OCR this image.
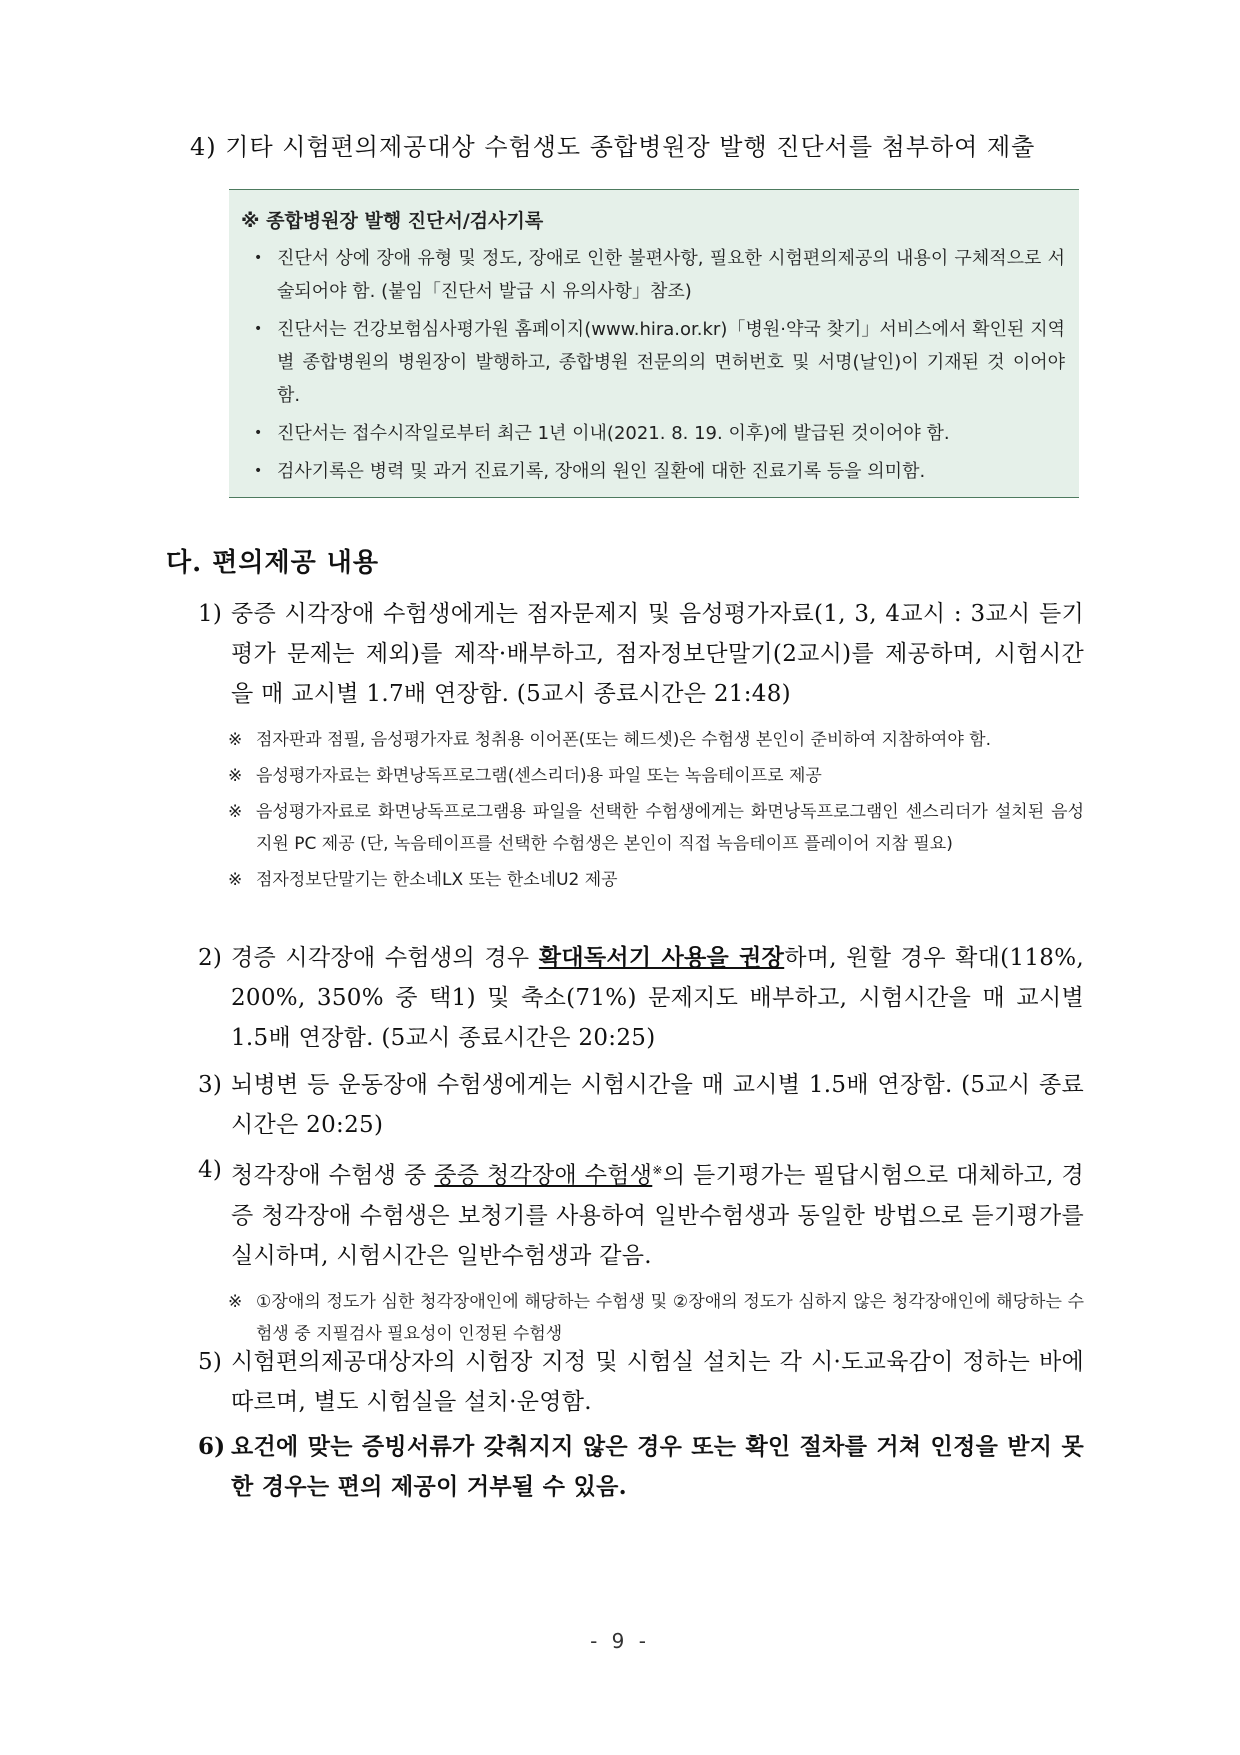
4) 기타 시험편의제공대상 수험생도 종합병원장 발행 진단서를 첨부하여 제출
※ 종합병원장 발행 진단서/검사기록
• 진단서 상에 장애 유형 및 정도, 장애로 인한 불편사항, 필요한 시험편의제공의 내용이 구체적으로 서술되어야 함. (붙임「진단서 발급 시 유의사항」참조)
• 진단서는 건강보험심사평가원 홈페이지(www.hira.or.kr)「병원·약국 찾기」서비스에서 확인된 지역별 종합병원의 병원장이 발행하고, 종합병원 전문의의 면허번호 및 서명(날인)이 기재된 것 이어야 함.
• 진단서는 접수시작일로부터 최근 1년 이내(2021. 8. 19. 이후)에 발급된 것이어야 함.
• 검사기록은 병력 및 과거 진료기록, 장애의 원인 질환에 대한 진료기록 등을 의미함.
다. 편의제공 내용
1) 중증 시각장애 수험생에게는 점자문제지 및 음성평가자료(1, 3, 4교시 : 3교시 듣기평가 문제는 제외)를 제작·배부하고, 점자정보단말기(2교시)를 제공하며, 시험시간을 매 교시별 1.7배 연장함. (5교시 종료시간은 21:48)
※ 점자판과 점필, 음성평가자료 청취용 이어폰(또는 헤드셋)은 수험생 본인이 준비하여 지참하여야 함.
※ 음성평가자료는 화면낭독프로그램(센스리더)용 파일 또는 녹음테이프로 제공
※ 음성평가자료로 화면낭독프로그램용 파일을 선택한 수험생에게는 화면낭독프로그램인 센스리더가 설치된 음성지원 PC 제공 (단, 녹음테이프를 선택한 수험생은 본인이 직접 녹음테이프 플레이어 지참 필요)
※ 점자정보단말기는 한소네LX 또는 한소네U2 제공
2) 경증 시각장애 수험생의 경우 확대독서기 사용을 권장하며, 원할 경우 확대(118%, 200%, 350% 중 택1) 및 축소(71%) 문제지도 배부하고, 시험시간을 매 교시별 1.5배 연장함. (5교시 종료시간은 20:25)
3) 뇌병변 등 운동장애 수험생에게는 시험시간을 매 교시별 1.5배 연장함. (5교시 종료시간은 20:25)
4) 청각장애 수험생 중 중증 청각장애 수험생※의 듣기평가는 필답시험으로 대체하고, 경증 청각장애 수험생은 보청기를 사용하여 일반수험생과 동일한 방법으로 듣기평가를 실시하며, 시험시간은 일반수험생과 같음.
※ ①장애의 정도가 심한 청각장애인에 해당하는 수험생 및 ②장애의 정도가 심하지 않은 청각장애인에 해당하는 수험생 중 지필검사 필요성이 인정된 수험생
5) 시험편의제공대상자의 시험장 지정 및 시험실 설치는 각 시·도교육감이 정하는 바에 따르며, 별도 시험실을 설치·운영함.
6) 요건에 맞는 증빙서류가 갖춰지지 않은 경우 또는 확인 절차를 거쳐 인정을 받지 못한 경우는 편의 제공이 거부될 수 있음.
- 9 -
